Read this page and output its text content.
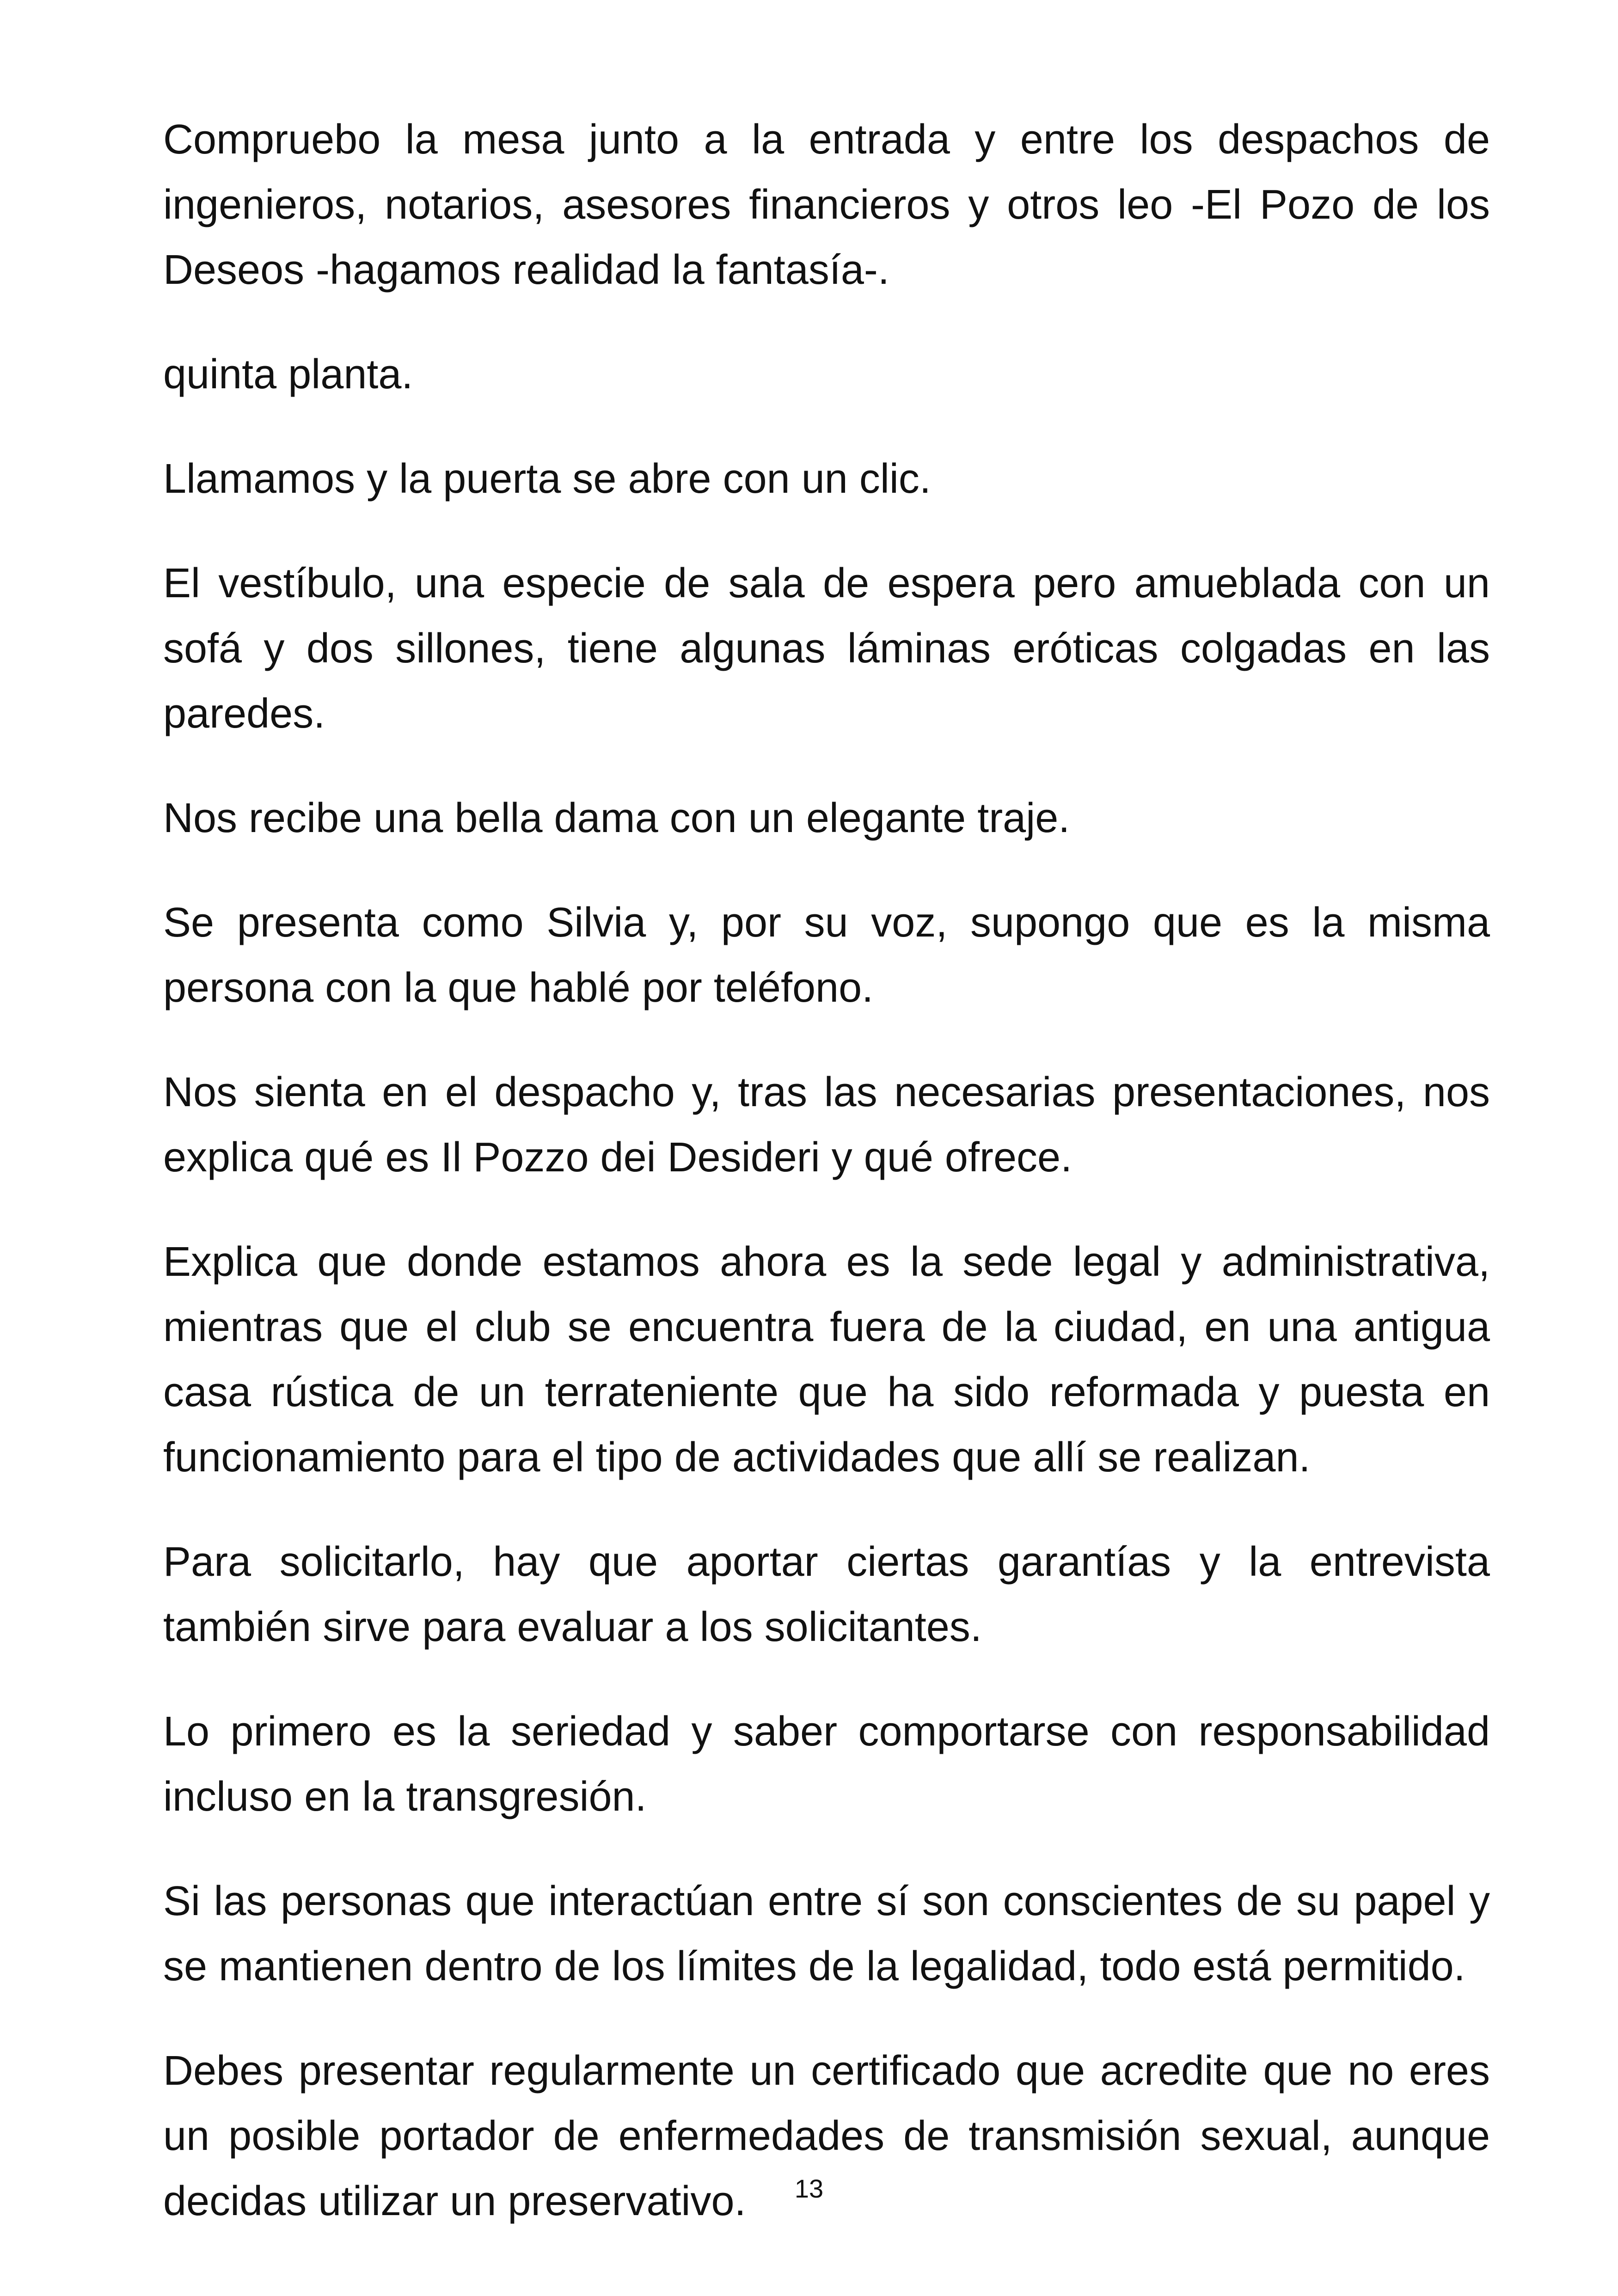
Compruebo la mesa junto a la entrada y entre los despachos de ingenieros, notarios, asesores financieros y otros leo -El Pozo de los Deseos -hagamos realidad la fantasía-.

quinta planta.

Llamamos y la puerta se abre con un clic.

El vestíbulo, una especie de sala de espera pero amueblada con un sofá y dos sillones, tiene algunas láminas eróticas colgadas en las paredes.

Nos recibe una bella dama con un elegante traje.

Se presenta como Silvia y, por su voz, supongo que es la misma persona con la que hablé por teléfono.

Nos sienta en el despacho y, tras las necesarias presentaciones, nos explica qué es Il Pozzo dei Desideri y qué ofrece.

Explica que donde estamos ahora es la sede legal y administrativa, mientras que el club se encuentra fuera de la ciudad, en una antigua casa rústica de un terrateniente que ha sido reformada y puesta en funcionamiento para el tipo de actividades que allí se realizan.

Para solicitarlo, hay que aportar ciertas garantías y la entrevista también sirve para evaluar a los solicitantes.

Lo primero es la seriedad y saber comportarse con responsabilidad incluso en la transgresión.

Si las personas que interactúan entre sí son conscientes de su papel y se mantienen dentro de los límites de la legalidad, todo está permitido.

Debes presentar regularmente un certificado que acredite que no eres un posible portador de enfermedades de transmisión sexual, aunque decidas utilizar un preservativo.	13
